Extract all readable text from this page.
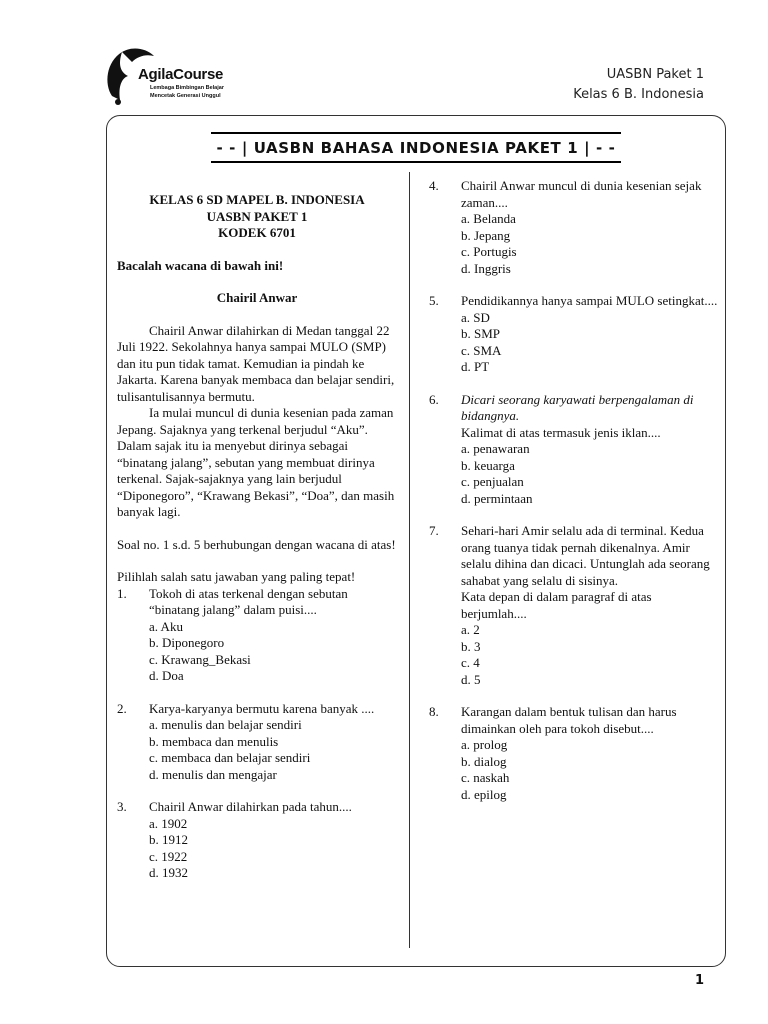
AgilaCourse
Lembaga Bimbingan Belajar
Mencetak Generasi Unggul
UASBN Paket 1
Kelas 6 B. Indonesia
- - | UASBN BAHASA INDONESIA PAKET 1 | - -
KELAS 6 SD MAPEL B. INDONESIA
UASBN PAKET 1
KODEK 6701
Bacalah wacana di bawah ini!
Chairil Anwar

Chairil Anwar dilahirkan di Medan tanggal 22 Juli 1922. Sekolahnya hanya sampai MULO (SMP) dan itu pun tidak tamat. Kemudian ia pindah ke Jakarta. Karena banyak membaca dan belajar sendiri, tulisantulisannya bermutu.

Ia mulai muncul di dunia kesenian pada zaman Jepang. Sajaknya yang terkenal berjudul “Aku”. Dalam sajak itu ia menyebut dirinya sebagai “binatang jalang”, sebutan yang membuat dirinya terkenal. Sajak-sajaknya yang lain berjudul “Diponegoro”, “Krawang Bekasi”, “Doa”, dan masih banyak lagi.

Soal no. 1 s.d. 5 berhubungan dengan wacana di atas!
Pilihlah salah satu jawaban yang paling tepat!
1.	Tokoh di atas terkenal dengan sebutan “binatang jalang” dalam puisi....
a. Aku
b. Diponegoro
c. Krawang_Bekasi
d. Doa
2.	Karya-karyanya bermutu karena banyak ....
a. menulis dan belajar sendiri
b. membaca dan menulis
c. membaca dan belajar sendiri
d. menulis dan mengajar
3.	Chairil Anwar dilahirkan pada tahun....
a. 1902
b. 1912
c. 1922
d. 1932
4.	Chairil Anwar muncul di dunia kesenian sejak zaman....
a. Belanda
b. Jepang
c. Portugis
d. Inggris
5.	Pendidikannya hanya sampai MULO setingkat....
a. SD
b. SMP
c. SMA
d. PT
6.	Dicari seorang karyawati berpengalaman di bidangnya.
Kalimat di atas termasuk jenis iklan....
a. penawaran
b. keuarga
c. penjualan
d. permintaan
7.	Sehari-hari Amir selalu ada di terminal. Kedua orang tuanya tidak pernah dikenalnya. Amir selalu dihina dan dicaci. Untunglah ada seorang sahabat yang selalu di sisinya.
Kata depan di dalam paragraf di atas berjumlah....
a. 2
b. 3
c. 4
d. 5
8.	Karangan dalam bentuk tulisan dan harus dimainkan oleh para tokoh disebut....
a. prolog
b. dialog
c. naskah
d. epilog
1
